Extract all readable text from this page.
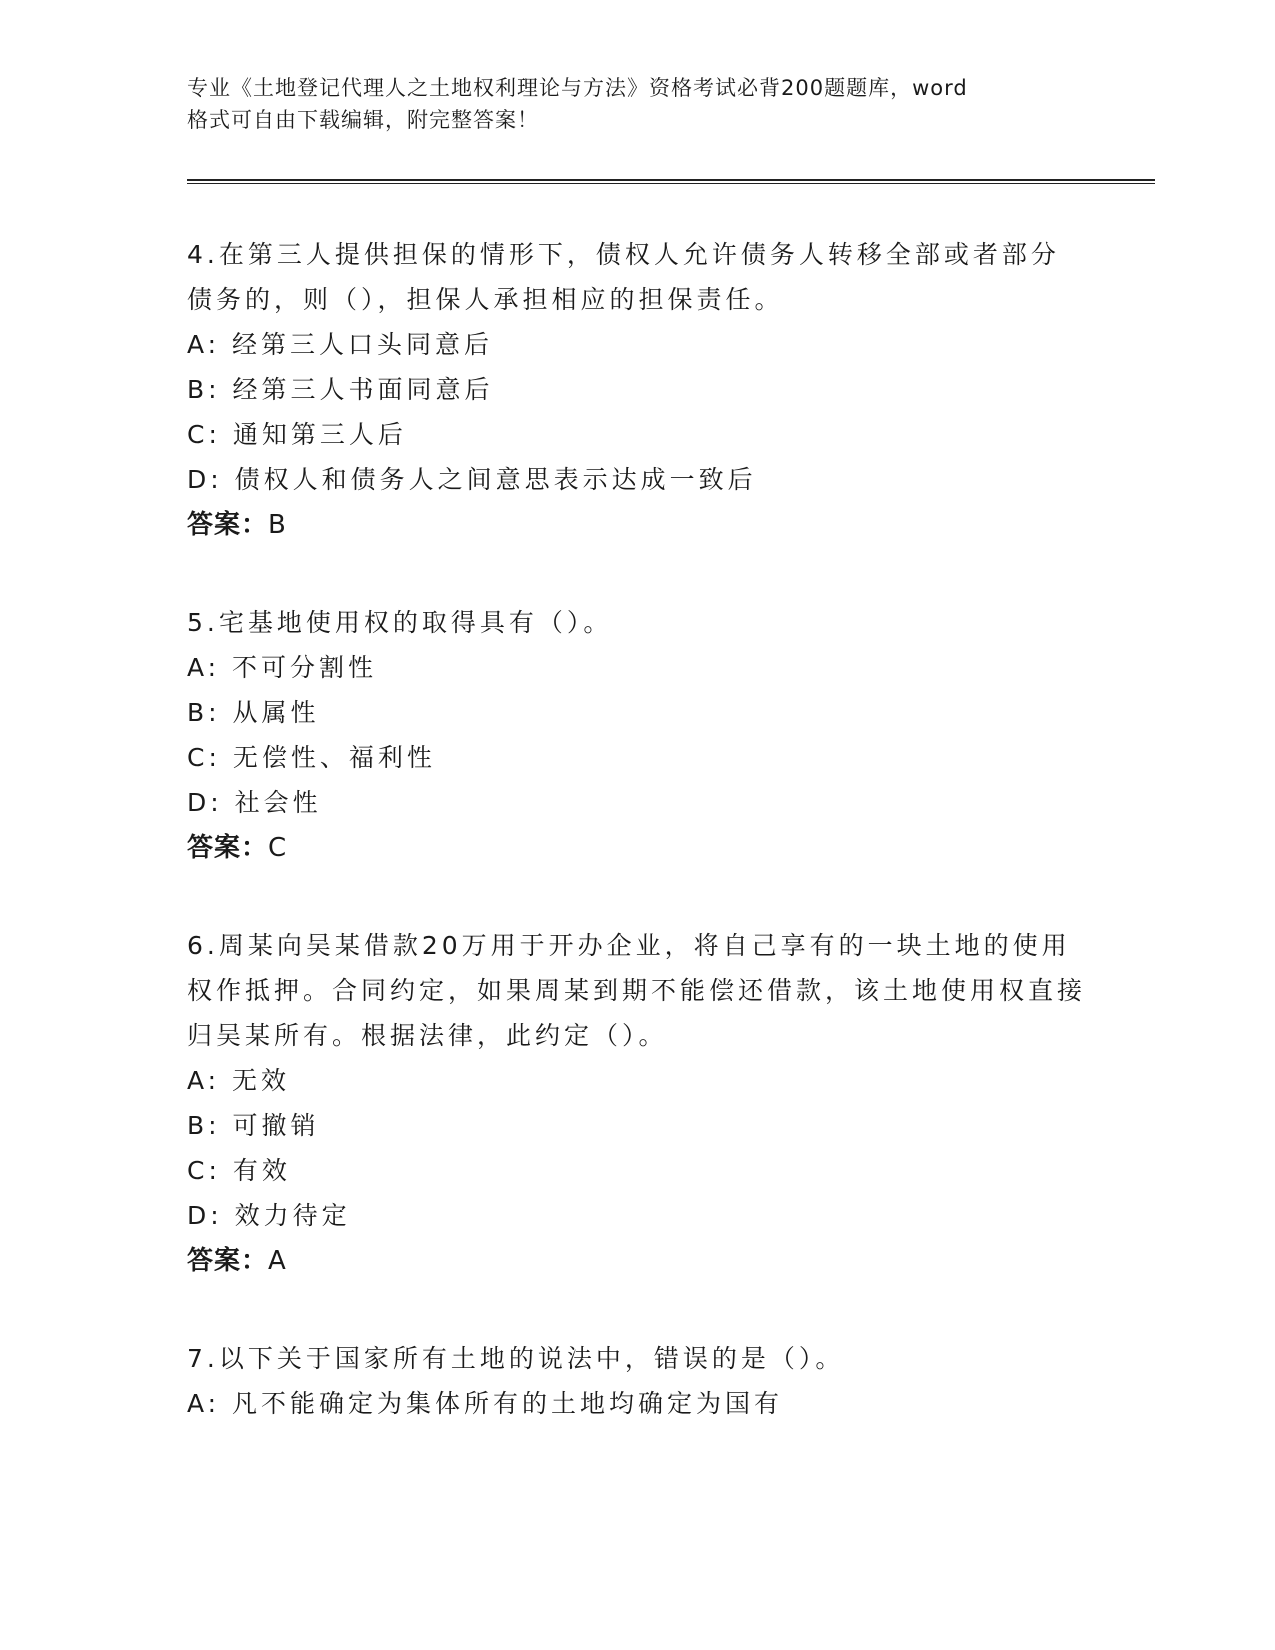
专业《土地登记代理人之土地权利理论与方法》资格考试必背200题题库，word
格式可自由下载编辑，附完整答案！

4.在第三人提供担保的情形下，债权人允许债务人转移全部或者部分债务的，则（），担保人承担相应的担保责任。

A: 经第三人口头同意后

B: 经第三人书面同意后

C: 通知第三人后

D: 债权人和债务人之间意思表示达成一致后

答案：B

5.宅基地使用权的取得具有（）。

A: 不可分割性

B: 从属性

C: 无偿性、福利性

D: 社会性

答案：C

6.周某向吴某借款20万用于开办企业，将自己享有的一块土地的使用权作抵押。合同约定，如果周某到期不能偿还借款，该土地使用权直接归吴某所有。根据法律，此约定（）。

A: 无效

B: 可撤销

C: 有效

D: 效力待定

答案：A

7.以下关于国家所有土地的说法中，错误的是（）。

A: 凡不能确定为集体所有的土地均确定为国有
